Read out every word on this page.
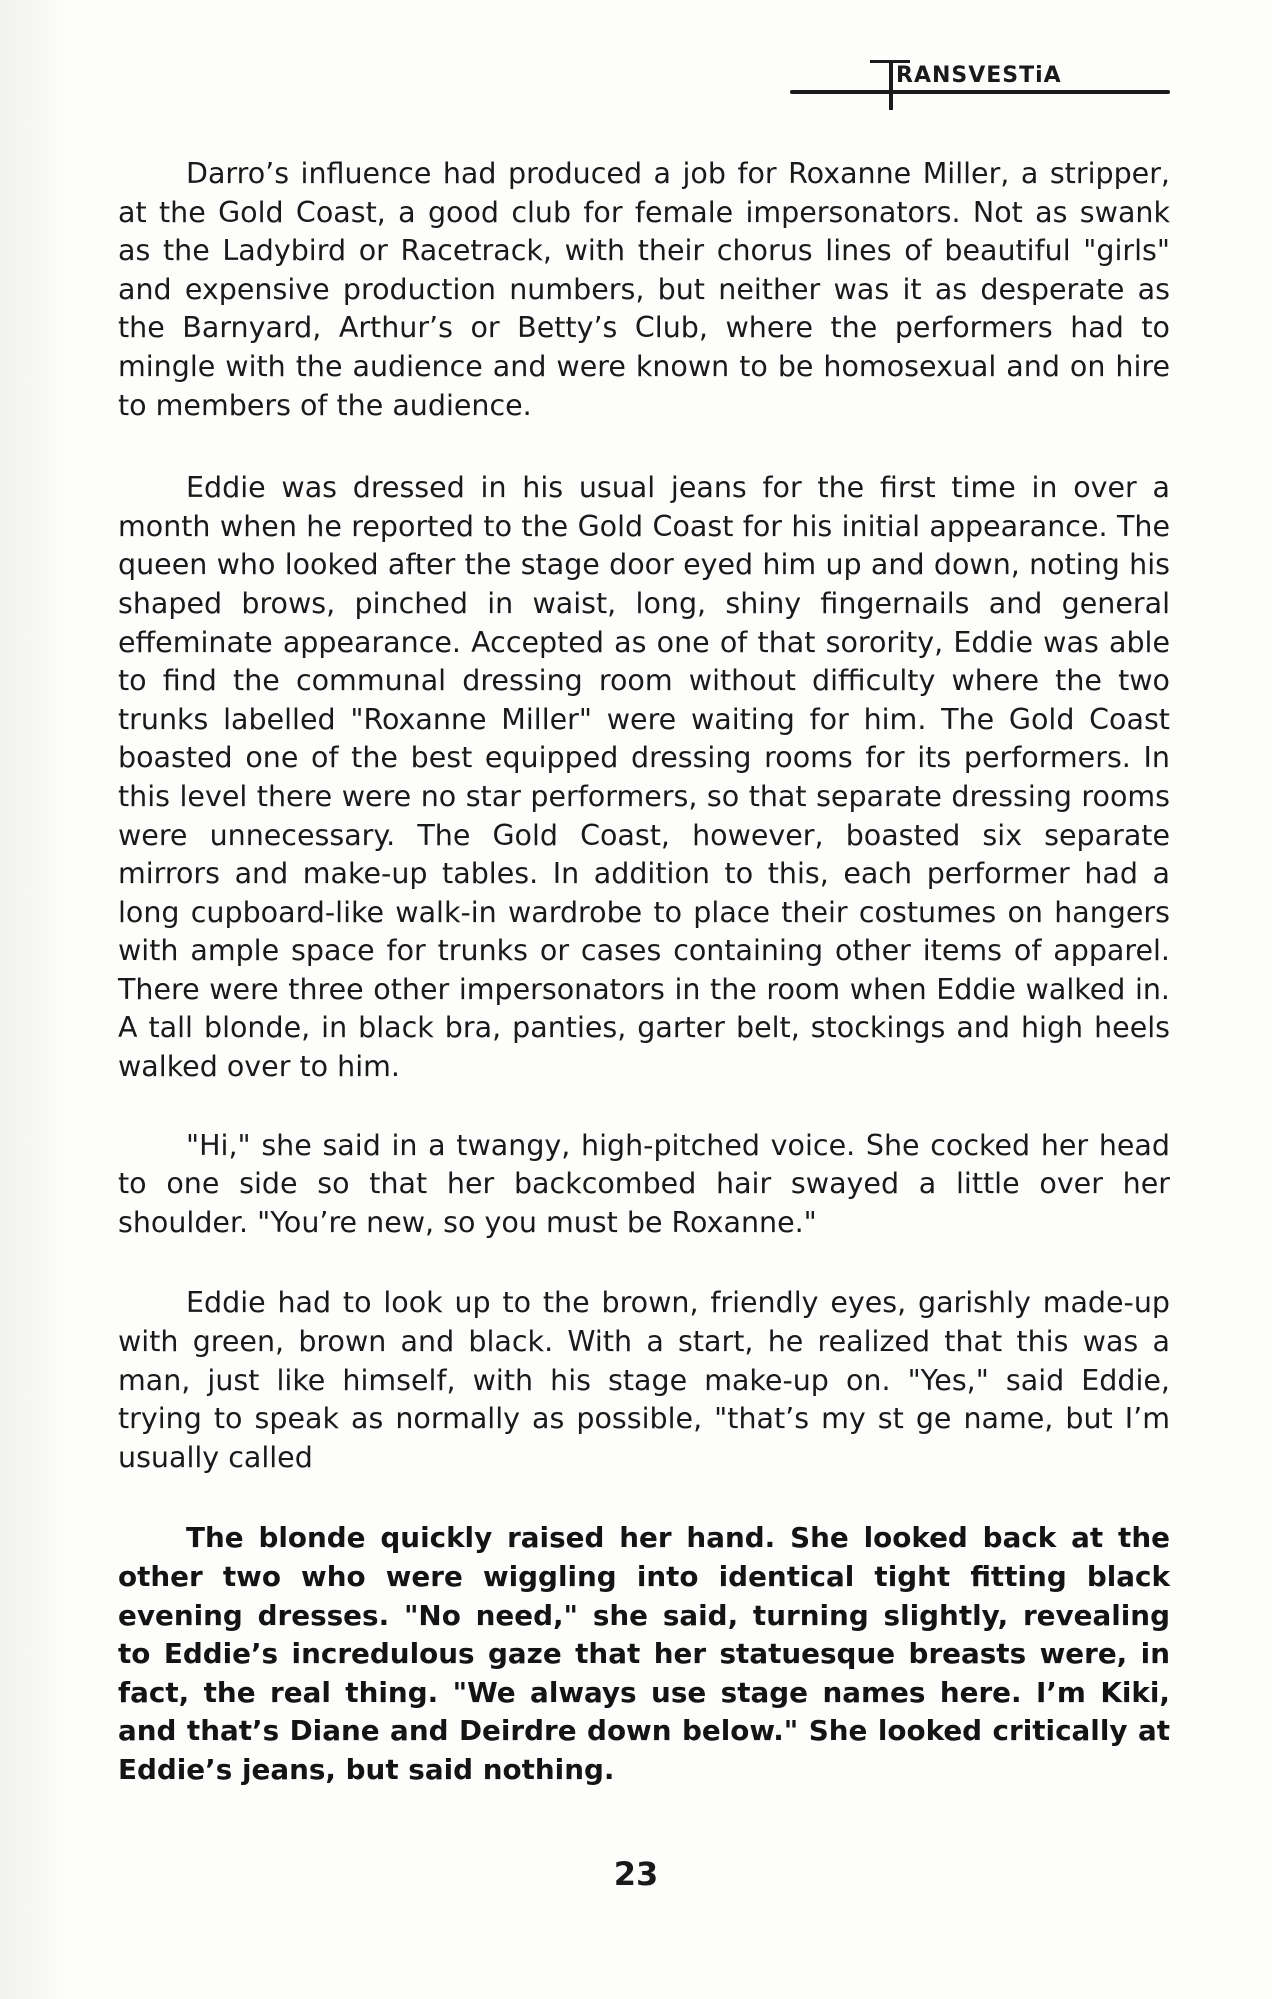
RANSVESTiA

Darro’s influence had produced a job for Roxanne Miller, a stripper, at the Gold Coast, a good club for female impersonators. Not as swank as the Ladybird or Racetrack, with their chorus lines of beautiful "girls" and expensive production numbers, but neither was it as desperate as the Barnyard, Arthur’s or Betty’s Club, where the performers had to mingle with the audience and were known to be homosexual and on hire to members of the audience.

Eddie was dressed in his usual jeans for the first time in over a month when he reported to the Gold Coast for his initial appearance. The queen who looked after the stage door eyed him up and down, noting his shaped brows, pinched in waist, long, shiny fingernails and general effeminate appearance. Accepted as one of that sorority, Eddie was able to find the communal dressing room without difficulty where the two trunks labelled "Roxanne Miller" were waiting for him. The Gold Coast boasted one of the best equipped dressing rooms for its performers. In this level there were no star performers, so that separate dressing rooms were unnecessary. The Gold Coast, however, boasted six separate mirrors and make-up tables. In addition to this, each performer had a long cupboard-like walk-in wardrobe to place their costumes on hangers with ample space for trunks or cases containing other items of apparel. There were three other impersonators in the room when Eddie walked in. A tall blonde, in black bra, panties, garter belt, stockings and high heels walked over to him.

"Hi," she said in a twangy, high-pitched voice. She cocked her head to one side so that her backcombed hair swayed a little over her shoulder. "You’re new, so you must be Roxanne."

Eddie had to look up to the brown, friendly eyes, garishly made-up with green, brown and black. With a start, he realized that this was a man, just like himself, with his stage make-up on. "Yes," said Eddie, trying to speak as normally as possible, "that’s my st ge name, but I’m usually called

The blonde quickly raised her hand. She looked back at the other two who were wiggling into identical tight fitting black evening dresses. "No need," she said, turning slightly, revealing to Eddie’s incredulous gaze that her statuesque breasts were, in fact, the real thing. "We always use stage names here. I’m Kiki, and that’s Diane and Deirdre down below." She looked critically at Eddie’s jeans, but said nothing.

23
